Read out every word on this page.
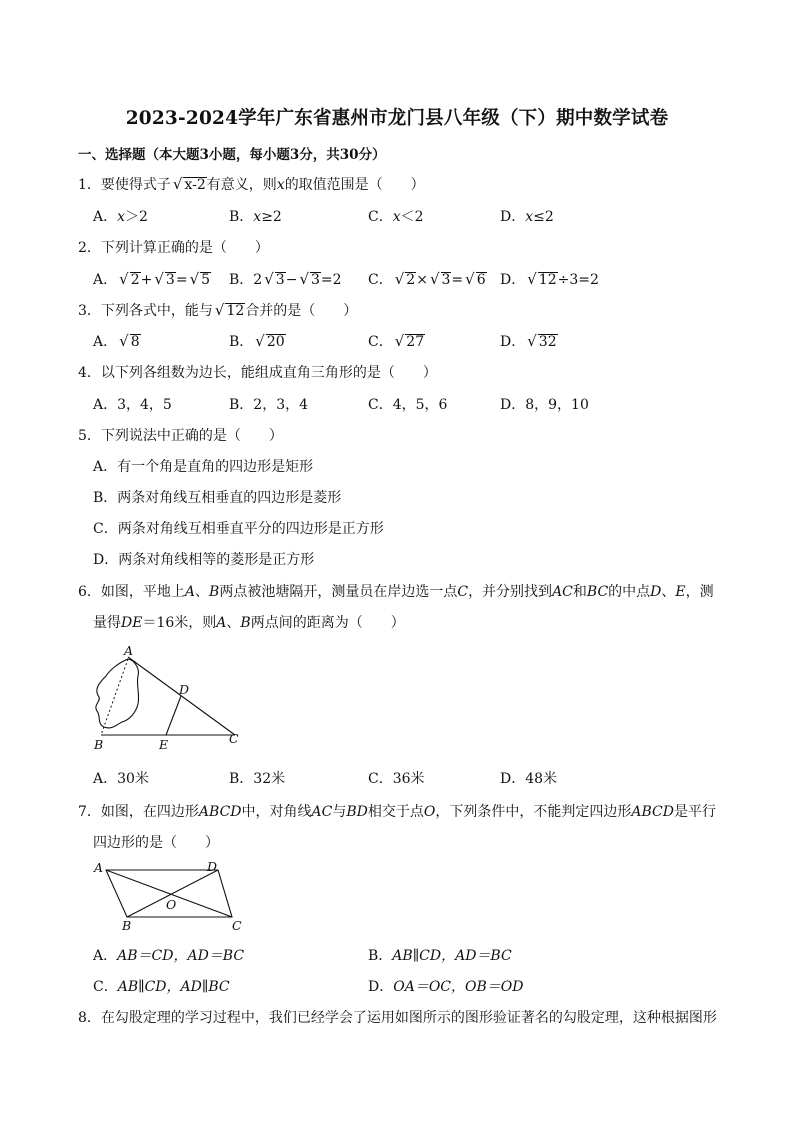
2023-2024学年广东省惠州市龙门县八年级（下）期中数学试卷
一、选择题（本大题3小题，每小题3分，共30分）
1．要使得式子 √ x-2有意义，则x的取值范围是（　　）
A．x＞2	B．x≥2	C．x＜2	D．x≤2
2．下列计算正确的是（　　）
A． √ 2+ √ 3= √ 5 B．2 √ 3− √ 3=2 C． √ 2× √ 3= √ 6 D． √ 12÷3=2
3．下列各式中，能与 √ 12合并的是（　　）
A． √ 8	B． √ 20	C． √ 27	D． √ 32
4．以下列各组数为边长，能组成直角三角形的是（　　）
A．3，4，5	B．2，3，4	C．4，5，6	D．8，9，10
5．下列说法中正确的是（　　）
A．有一个角是直角的四边形是矩形
B．两条对角线互相垂直的四边形是菱形
C．两条对角线互相垂直平分的四边形是正方形
D．两条对角线相等的菱形是正方形
6．如图，平地上A、B两点被池塘隔开，测量员在岸边选一点C，并分别找到AC和BC的中点D、E，测
量得DE＝16米，则A、B两点间的距离为（　　）
A
B	C
D
E
A	D
B	C
O
A．30米	B．32米	C．36米	D．48米
7．如图，在四边形ABCD中，对角线AC与BD相交于点O，下列条件中，不能判定四边形ABCD是平行
四边形的是（　　）
A．AB＝CD，AD＝BC	B．AB∥CD，AD＝BC
C．AB∥CD，AD∥BC	D．OA＝OC，OB＝OD
8．在勾股定理的学习过程中，我们已经学会了运用如图所示的图形验证著名的勾股定理，这种根据图形
